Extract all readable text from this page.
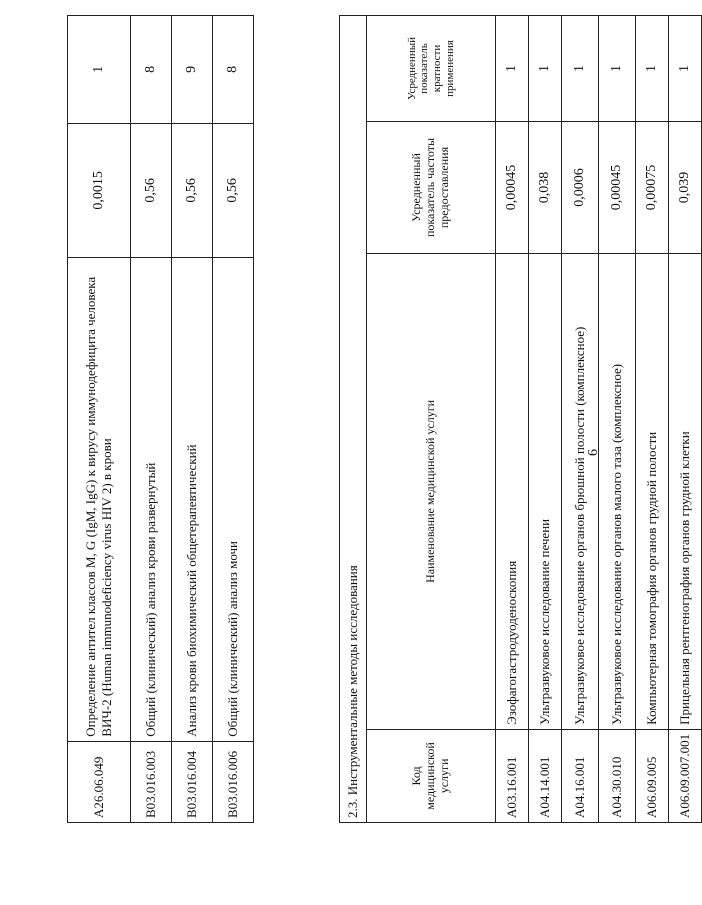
6
A26.06.049	Определение антител классов M, G (IgM, IgG) к вирусу иммунодефицита человека ВИЧ-2 (Human immunodeficiency virus HIV 2) в крови	0,0015	1
B03.016.003	Общий (клинический) анализ крови развернутый	0,56	8
B03.016.004	Анализ крови биохимический общетерапевтический	0,56	9
B03.016.006	Общий (клинический) анализ мочи	0,56	8
2.3. Инструментальные методы исследования			
Код медицинской услуги	Наименование медицинской услуги	Усредненный показатель частоты предоставления	Усредненный показатель кратности применения
A03.16.001	Эзофагогастродуоденоскопия	0,00045	1
A04.14.001	Ультразвуковое исследование печени	0,038	1
A04.16.001	Ультразвуковое исследование органов брюшной полости (комплексное)	0,0006	1
A04.30.010	Ультразвуковое исследование органов малого таза (комплексное)	0,00045	1
A06.09.005	Компьютерная томография органов грудной полости	0,00075	1
A06.09.007.001	Прицельная рентгенография органов грудной клетки	0,039	1
